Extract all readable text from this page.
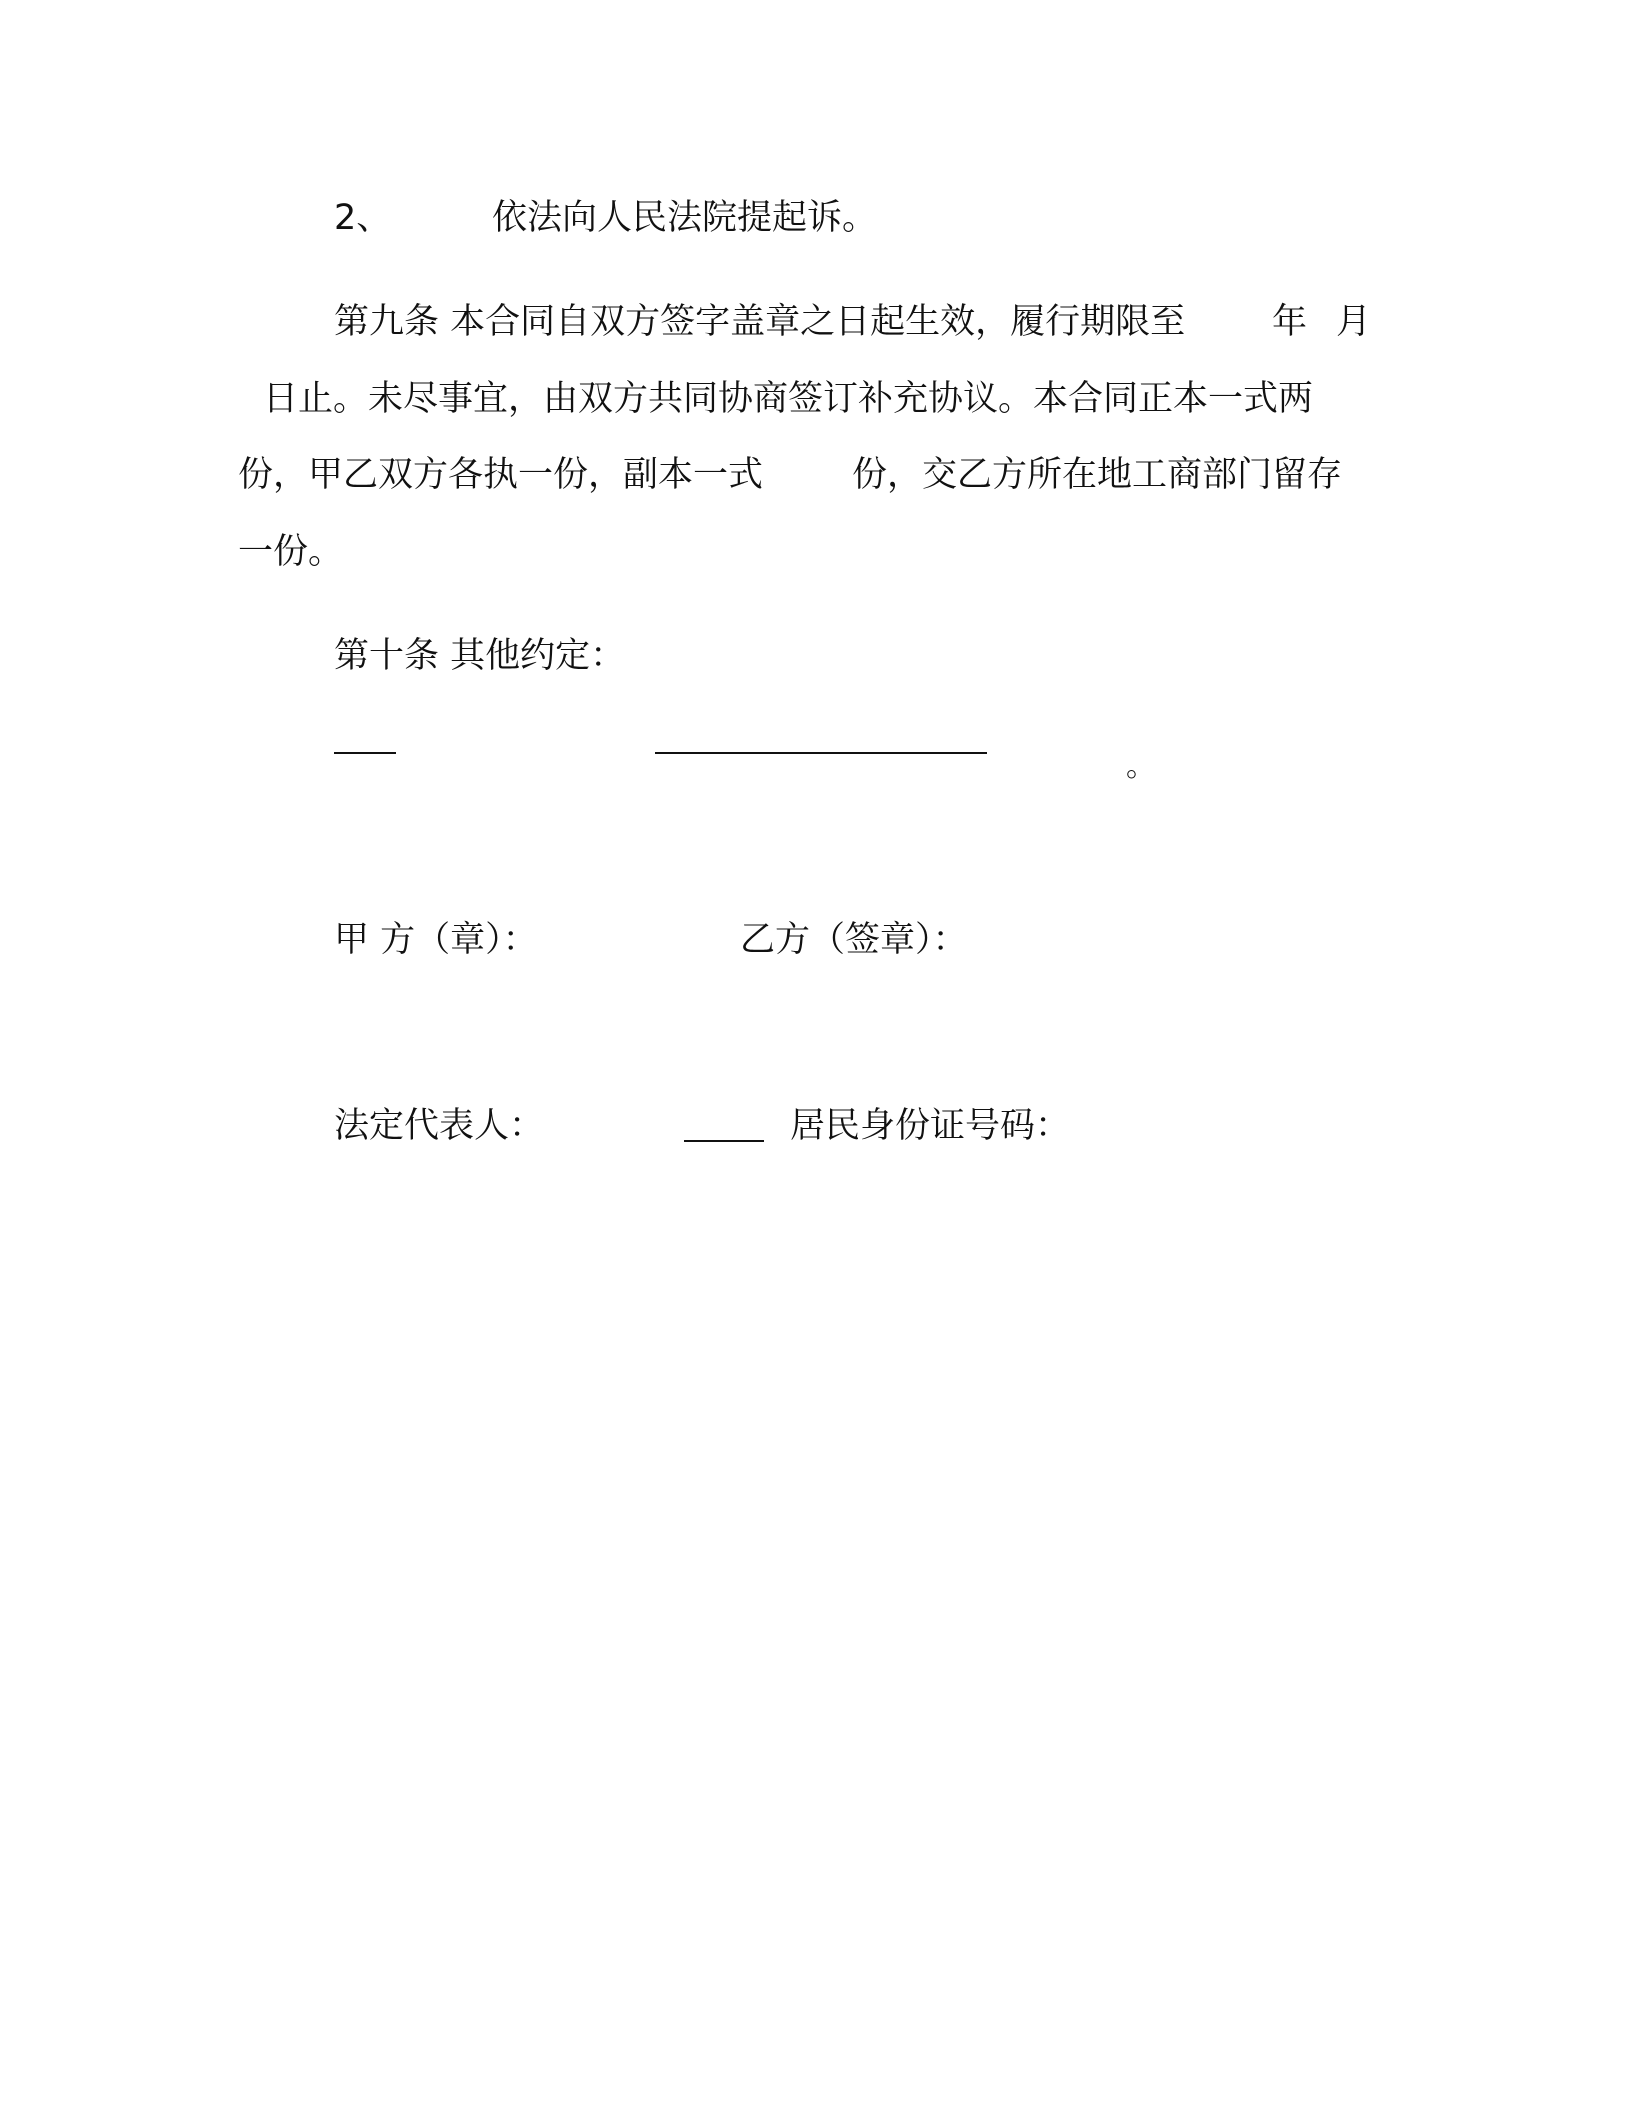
2、	依法向人民法院提起诉。

第九条 本合同自双方签字盖章之日起生效，履行期限至 年 月

日止。未尽事宜，由双方共同协商签订补充协议。本合同正本一式两

份，甲乙双方各执一份，副本一式	份，交乙方所在地工商部门留存

一份。

第十条 其他约定：

。

甲 方（章）：	乙方（签章）：

法定代表人：	居民身份证号码：
